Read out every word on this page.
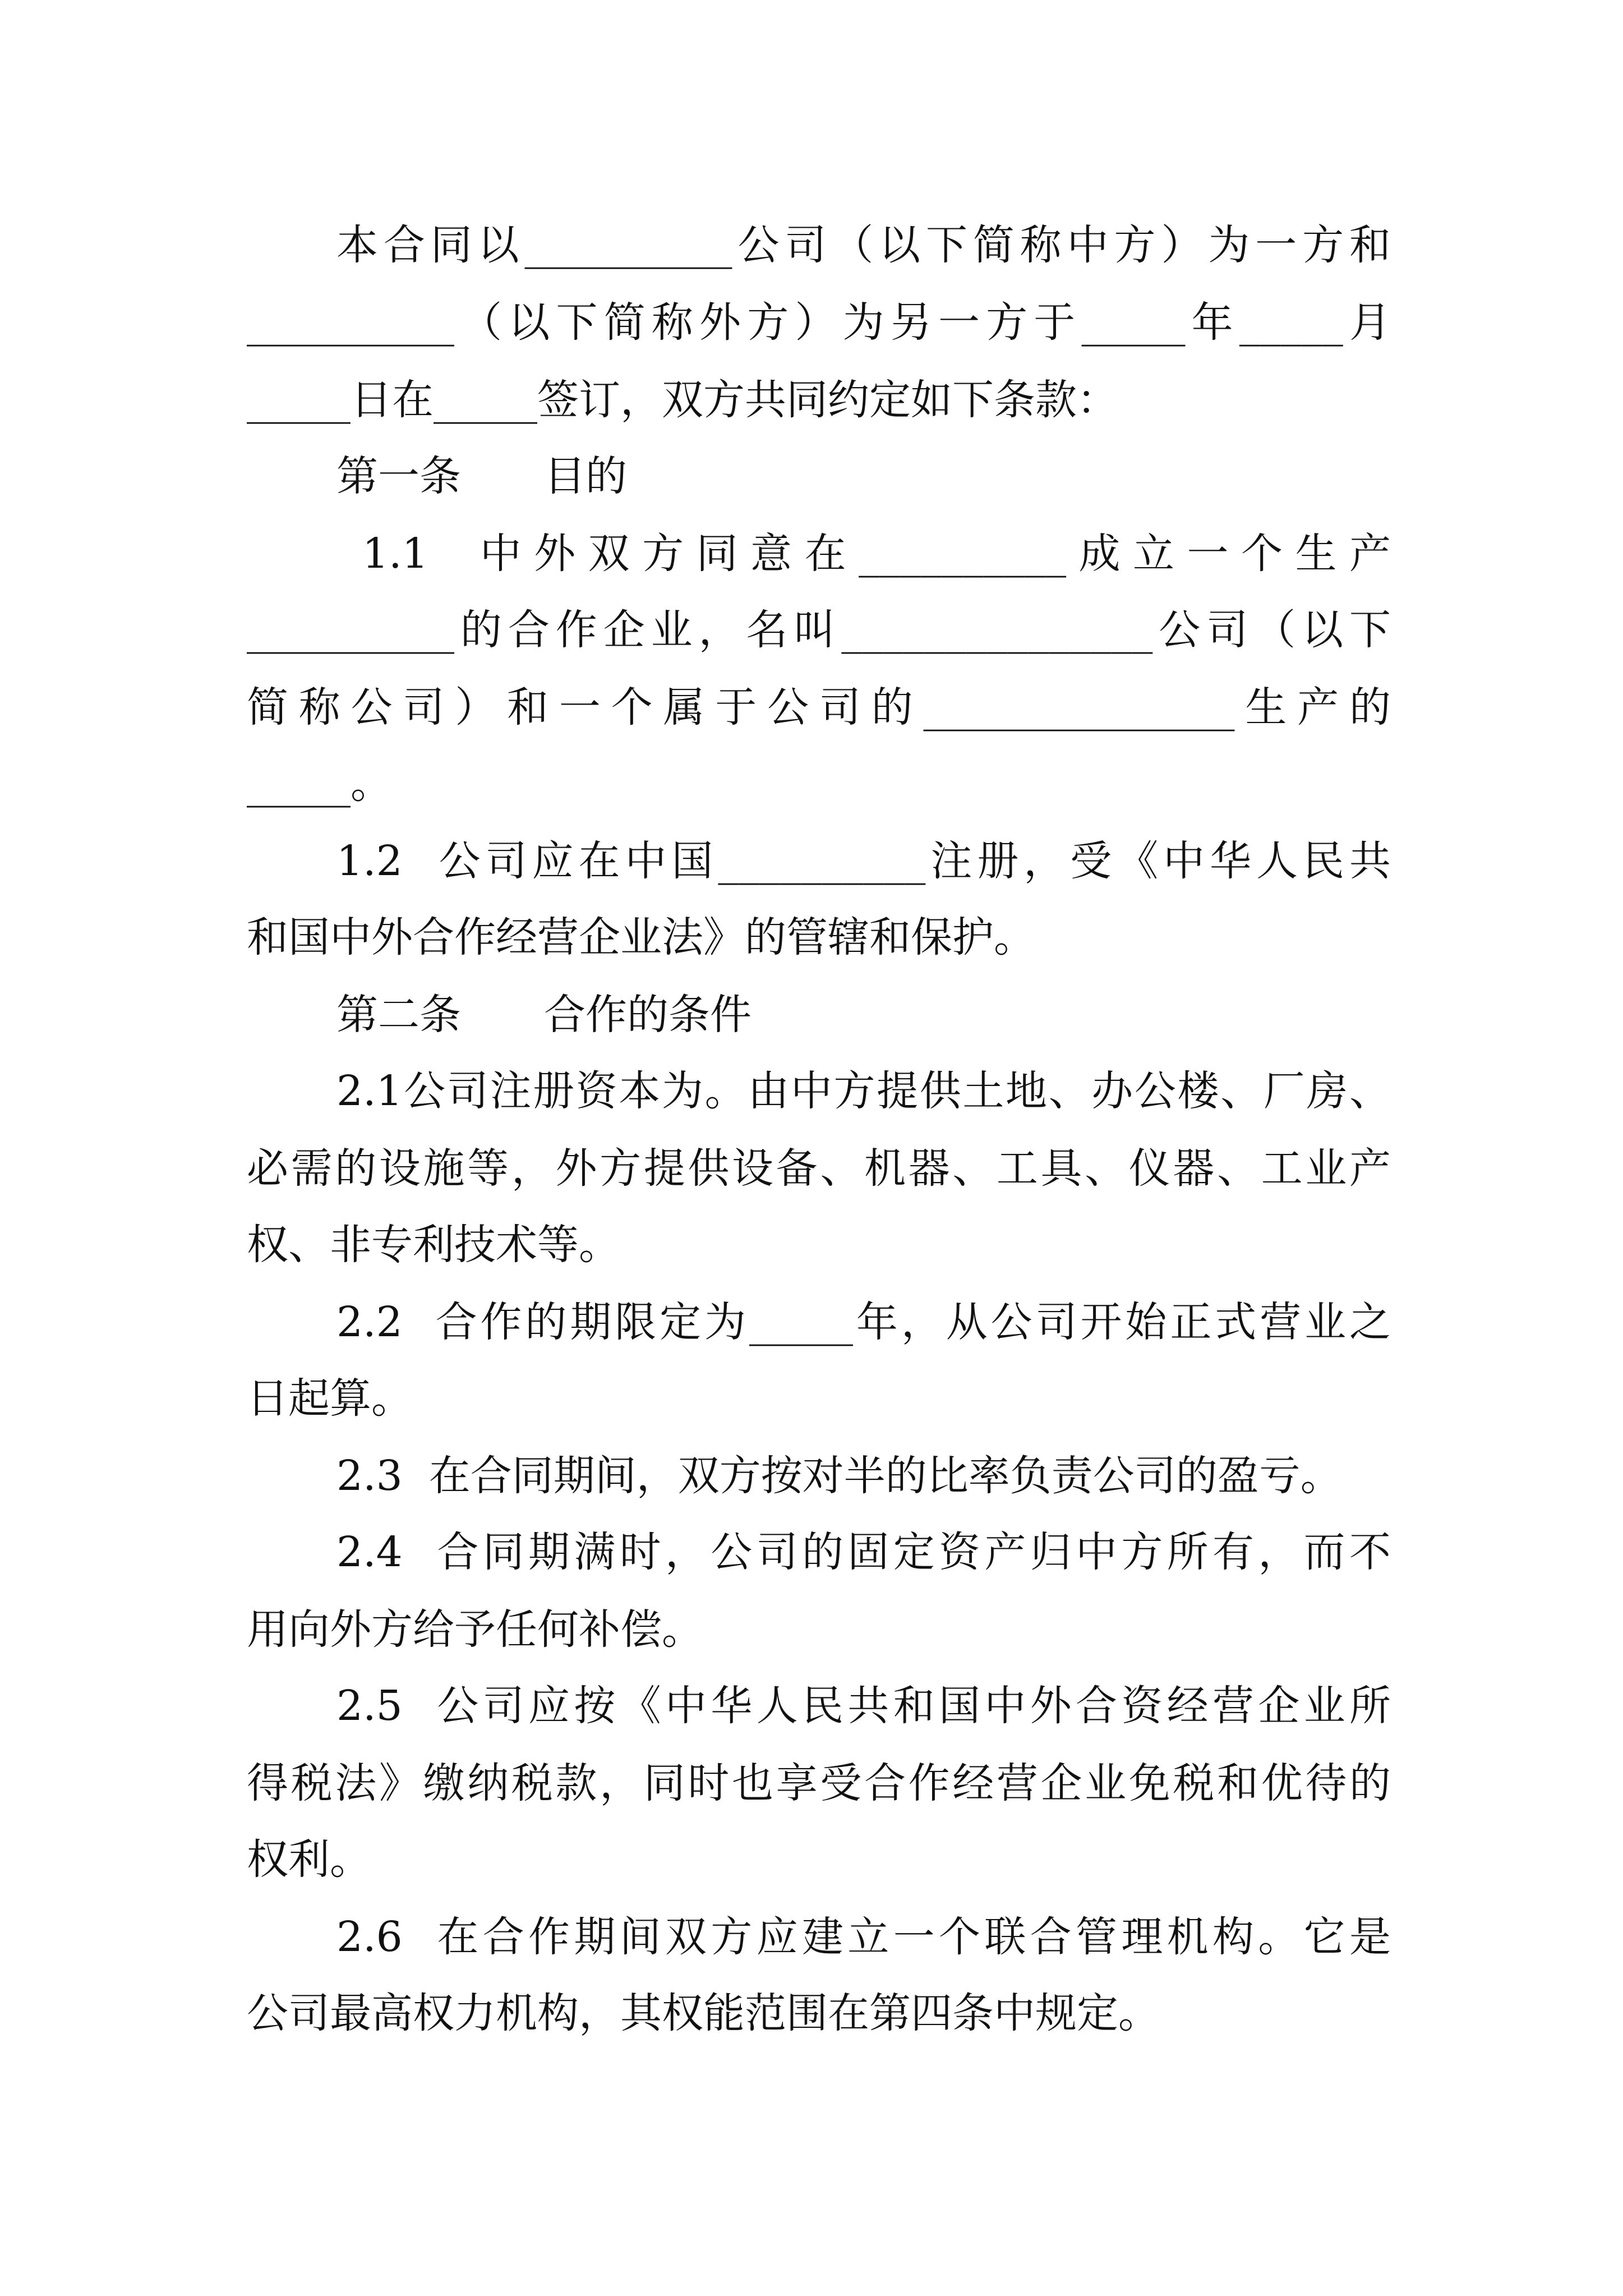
本合同以__________公司（以下简称中方）为一方和
__________（以下简称外方）为另一方于_____年_____月
_____日在_____签订，双方共同约定如下条款：
第一条　　目的
1.1  中外双方同意在__________成立一个生产
__________的合作企业，名叫_______________公司（以下
简称公司）和一个属于公司的_______________生产的
_____。
1.2  公司应在中国__________注册，受《中华人民共
和国中外合作经营企业法》的管辖和保护。
第二条　　合作的条件
2.1公司注册资本为。由中方提供土地、办公楼、厂房、
必需的设施等，外方提供设备、机器、工具、仪器、工业产
权、非专利技术等。
2.2  合作的期限定为_____年，从公司开始正式营业之
日起算。
2.3  在合同期间，双方按对半的比率负责公司的盈亏。
2.4  合同期满时，公司的固定资产归中方所有，而不
用向外方给予任何补偿。
2.5  公司应按《中华人民共和国中外合资经营企业所
得税法》缴纳税款，同时也享受合作经营企业免税和优待的
权利。
2.6  在合作期间双方应建立一个联合管理机构。它是
公司最高权力机构，其权能范围在第四条中规定。
